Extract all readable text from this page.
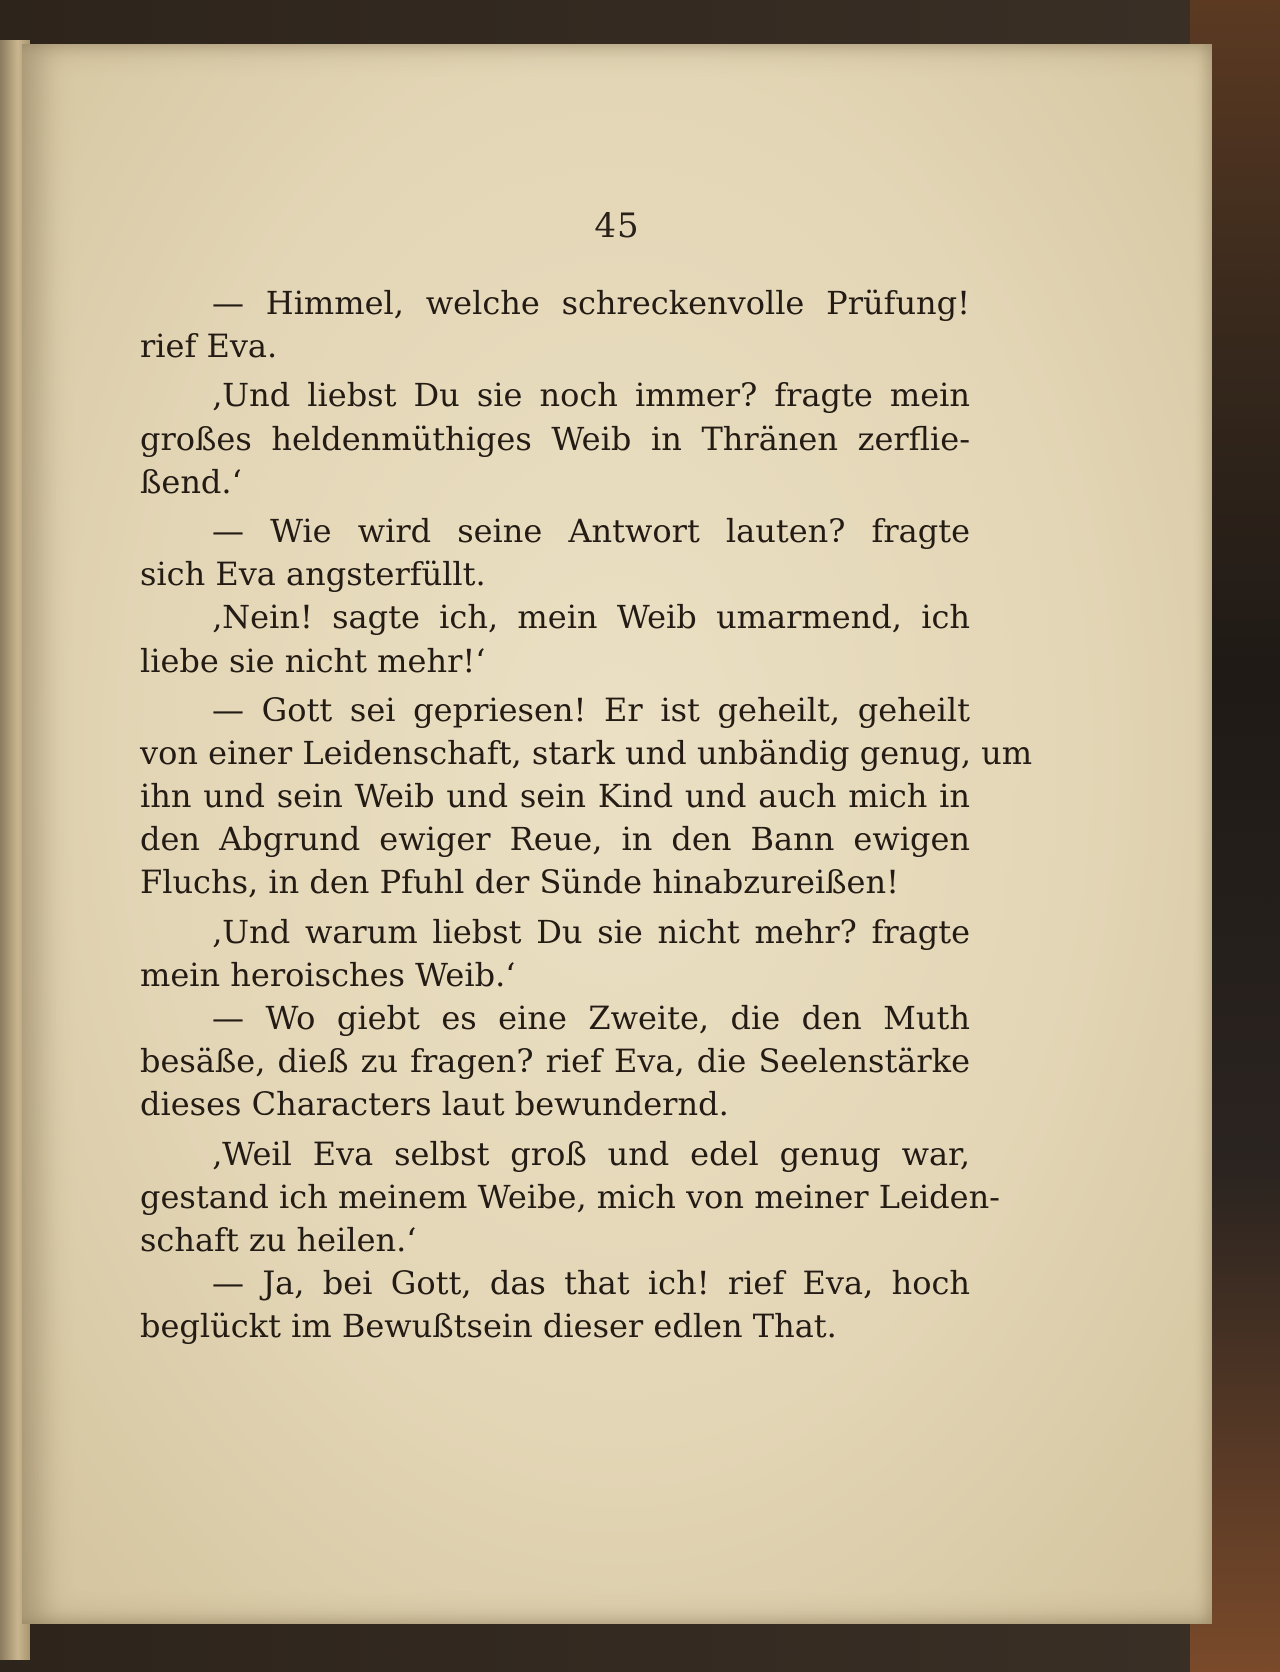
45
— Himmel, welche schreckenvolle Prüfung!
rief Eva.
‚Und liebst Du sie noch immer? fragte mein
großes heldenmüthiges Weib in Thränen zerflie-
ßend.‘
— Wie wird seine Antwort lauten? fragte
sich Eva angsterfüllt.
‚Nein! sagte ich, mein Weib umarmend, ich
liebe sie nicht mehr!‘
— Gott sei gepriesen! Er ist geheilt, geheilt
von einer Leidenschaft, stark und unbändig genug, um
ihn und sein Weib und sein Kind und auch mich in
den Abgrund ewiger Reue, in den Bann ewigen
Fluchs, in den Pfuhl der Sünde hinabzureißen!
‚Und warum liebst Du sie nicht mehr? fragte
mein heroisches Weib.‘
— Wo giebt es eine Zweite, die den Muth
besäße, dieß zu fragen? rief Eva, die Seelenstärke
dieses Characters laut bewundernd.
‚Weil Eva selbst groß und edel genug war,
gestand ich meinem Weibe, mich von meiner Leiden-
schaft zu heilen.‘
— Ja, bei Gott, das that ich! rief Eva, hoch
beglückt im Bewußtsein dieser edlen That.
